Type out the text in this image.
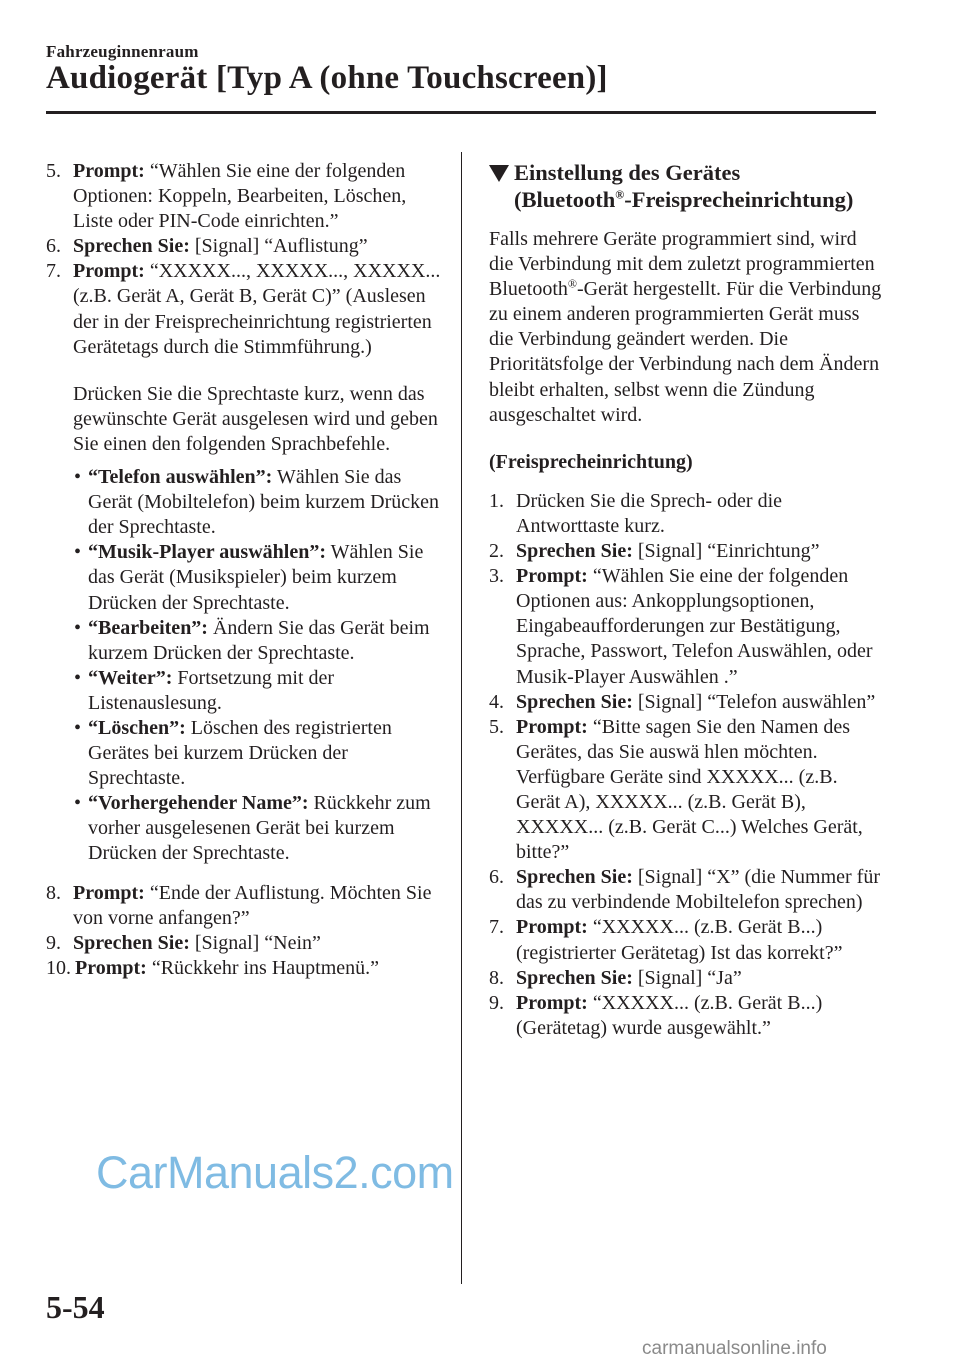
Fahrzeuginnenraum
Audiogerät [Typ A (ohne Touchscreen)]
5. Prompt: “Wählen Sie eine der folgenden Optionen: Koppeln, Bearbeiten, Löschen, Liste oder PIN-Code einrichten.”
6. Sprechen Sie: [Signal] “Auflistung”
7. Prompt: “XXXXX..., XXXXX..., XXXXX... (z.B. Gerät A, Gerät B, Gerät C)” (Auslesen der in der Freisprecheinrichtung registrierten Gerätetags durch die Stimmführung.)
Drücken Sie die Sprechtaste kurz, wenn das gewünschte Gerät ausgelesen wird und geben Sie einen den folgenden Sprachbefehle.
• “Telefon auswählen”: Wählen Sie das Gerät (Mobiltelefon) beim kurzem Drücken der Sprechtaste.
• “Musik-Player auswählen”: Wählen Sie das Gerät (Musikspieler) beim kurzem Drücken der Sprechtaste.
• “Bearbeiten”: Ändern Sie das Gerät beim kurzem Drücken der Sprechtaste.
• “Weiter”: Fortsetzung mit der Listenauslesung.
• “Löschen”: Löschen des registrierten Gerätes bei kurzem Drücken der Sprechtaste.
• “Vorhergehender Name”: Rückkehr zum vorher ausgelesenen Gerät bei kurzem Drücken der Sprechtaste.
8. Prompt: “Ende der Auflistung. Möchten Sie von vorne anfangen?”
9. Sprechen Sie: [Signal] “Nein”
10. Prompt: “Rückkehr ins Hauptmenü.”
Einstellung des Gerätes
(Bluetooth®-Freisprecheinrichtung)
Falls mehrere Geräte programmiert sind, wird die Verbindung mit dem zuletzt programmierten Bluetooth®-Gerät hergestellt. Für die Verbindung zu einem anderen programmierten Gerät muss die Verbindung geändert werden. Die Prioritätsfolge der Verbindung nach dem Ändern bleibt erhalten, selbst wenn die Zündung ausgeschaltet wird.
(Freisprecheinrichtung)
1. Drücken Sie die Sprech- oder die Antworttaste kurz.
2. Sprechen Sie: [Signal] “Einrichtung”
3. Prompt: “Wählen Sie eine der folgenden Optionen aus: Ankopplungsoptionen, Eingabeaufforderungen zur Bestätigung, Sprache, Passwort, Telefon Auswählen, oder Musik-Player Auswählen .”
4. Sprechen Sie: [Signal] “Telefon auswählen”
5. Prompt: “Bitte sagen Sie den Namen des Gerätes, das Sie auswä hlen möchten. Verfügbare Geräte sind XXXXX... (z.B. Gerät A), XXXXX... (z.B. Gerät B), XXXXX... (z.B. Gerät C...) Welches Gerät, bitte?”
6. Sprechen Sie: [Signal] “X” (die Nummer für das zu verbindende Mobiltelefon sprechen)
7. Prompt: “XXXXX... (z.B. Gerät B...) (registrierter Gerätetag) Ist das korrekt?”
8. Sprechen Sie: [Signal] “Ja”
9. Prompt: “XXXXX... (z.B. Gerät B...) (Gerätetag) wurde ausgewählt.”
CarManuals2.com
5-54
carmanualsonline.info
